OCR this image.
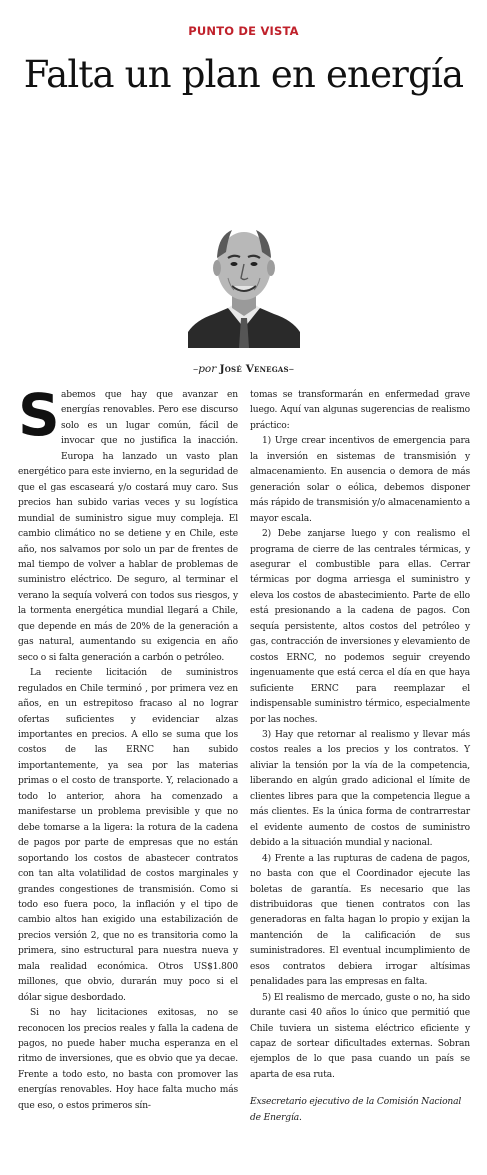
PUNTO DE VISTA
Falta un plan en energía
–por José Venegas–
S abemos que hay que avanzar en energías renovables. Pero ese discurso solo es un lugar común, fácil de invocar que no justifica la inacción. Europa ha lanzado un vasto plan energético para este invierno, en la seguridad de que el gas escaseará y/o costará muy caro. Sus precios han subido varias veces y su logística mundial de suministro sigue muy compleja. El cambio climático no se detiene y en Chile, este año, nos salvamos por solo un par de frentes de mal tiempo de volver a hablar de problemas de suministro eléctrico. De seguro, al terminar el verano la sequía volverá con todos sus riesgos, y la tormenta energética mundial llegará a Chile, que depende en más de 20% de la generación a gas natural, aumentando su exigencia en año seco o si falta generación a carbón o petróleo.

La reciente licitación de suministros regulados en Chile terminó , por primera vez en años, en un estrepitoso fracaso al no lograr ofertas suficientes y evidenciar alzas importantes en precios. A ello se suma que los costos de las ERNC han subido importantemente, ya sea por las materias primas o el costo de transporte. Y, relacionado a todo lo anterior, ahora ha comenzado a manifestarse un problema previsible y que no debe tomarse a la ligera: la rotura de la cadena de pagos por parte de empresas que no están soportando los costos de abastecer contratos con tan alta volatilidad de costos marginales y grandes congestiones de transmisión. Como si todo eso fuera poco, la inflación y el tipo de cambio altos han exigido una estabilización de precios versión 2, que no es transitoria como la primera, sino estructural para nuestra nueva y mala realidad económica. Otros US$1.800 millones, que obvio, durarán muy poco si el dólar sigue desbordado.

Si no hay licitaciones exitosas, no se reconocen los precios reales y falla la cadena de pagos, no puede haber mucha esperanza en el ritmo de inversiones, que es obvio que ya decae. Frente a todo esto, no basta con promover las energías renovables. Hoy hace falta mucho más que eso, o estos primeros sín-

tomas se transformarán en enfermedad grave luego. Aquí van algunas sugerencias de realismo práctico:

1) Urge crear incentivos de emergencia para la inversión en sistemas de transmisión y almacenamiento. En ausencia o demora de más generación solar o eólica, debemos disponer más rápido de transmisión y/o almacenamiento a mayor escala.

2) Debe zanjarse luego y con realismo el programa de cierre de las centrales térmicas, y asegurar el combustible para ellas. Cerrar térmicas por dogma arriesga el suministro y eleva los costos de abastecimiento. Parte de ello está presionando a la cadena de pagos. Con sequía persistente, altos costos del petróleo y gas, contracción de inversiones y elevamiento de costos ERNC, no podemos seguir creyendo ingenuamente que está cerca el día en que haya suficiente ERNC para reemplazar el indispensable suministro térmico, especialmente por las noches.

3) Hay que retornar al realismo y llevar más costos reales a los precios y los contratos. Y aliviar la tensión por la vía de la competencia, liberando en algún grado adicional el límite de clientes libres para que la competencia llegue a más clientes. Es la única forma de contrarrestar el evidente aumento de costos de suministro debido a la situación mundial y nacional.

4) Frente a las rupturas de cadena de pagos, no basta con que el Coordinador ejecute las boletas de garantía. Es necesario que las distribuidoras que tienen contratos con las generadoras en falta hagan lo propio y exijan la mantención de la calificación de sus suministradores. El eventual incumplimiento de esos contratos debiera irrogar altísimas penalidades para las empresas en falta.

5) El realismo de mercado, guste o no, ha sido durante casi 40 años lo único que permitió que Chile tuviera un sistema eléctrico eficiente y capaz de sortear dificultades externas. Sobran ejemplos de lo que pasa cuando un país se aparta de esa ruta.

Exsecretario ejecutivo de la Comisión Nacional de Energía.
